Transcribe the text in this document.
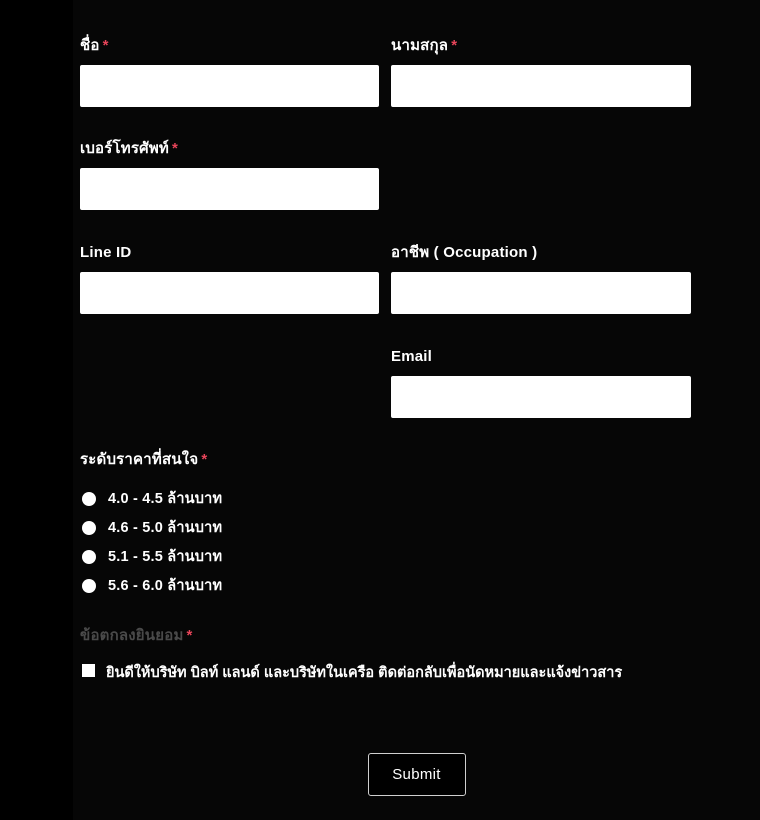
ชื่อ *	นามสกุล *
เบอร์โทรศัพท์ *
Line ID	อาชีพ ( Occupation )
Email
ระดับราคาที่สนใจ *
4.0 - 4.5 ล้านบาท
4.6 - 5.0 ล้านบาท
5.1 - 5.5 ล้านบาท
5.6 - 6.0 ล้านบาท
ข้อตกลงยินยอม *
ยินดีให้บริษัท บิลท์ แลนด์ และบริษัทในเครือ ติดต่อกลับเพื่อนัดหมายและแจ้งข่าวสาร
Submit
